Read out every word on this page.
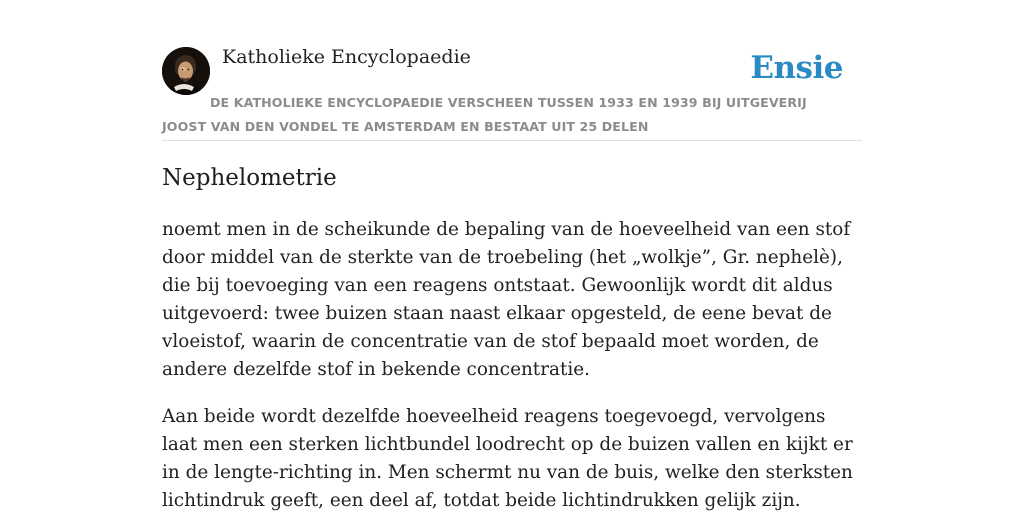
Katholieke Encyclopaedie	Ensie

DE KATHOLIEKE ENCYCLOPAEDIE VERSCHEEN TUSSEN 1933 EN 1939 BIJ UITGEVERIJ JOOST VAN DEN VONDEL TE AMSTERDAM EN BESTAAT UIT 25 DELEN

Nephelometrie

noemt men in de scheikunde de bepaling van de hoeveelheid van een stof door middel van de sterkte van de troebeling (het „wolkje”, Gr. nephelè), die bij toevoeging van een reagens ontstaat. Gewoonlijk wordt dit aldus uitgevoerd: twee buizen staan naast elkaar opgesteld, de eene bevat de vloeistof, waarin de concentratie van de stof bepaald moet worden, de andere dezelfde stof in bekende concentratie.

Aan beide wordt dezelfde hoeveelheid reagens toegevoegd, vervolgens laat men een sterken lichtbundel loodrecht op de buizen vallen en kijkt er in de lengte-richting in. Men schermt nu van de buis, welke den sterksten lichtindruk geeft, een deel af, totdat beide lichtindrukken gelijk zijn.
